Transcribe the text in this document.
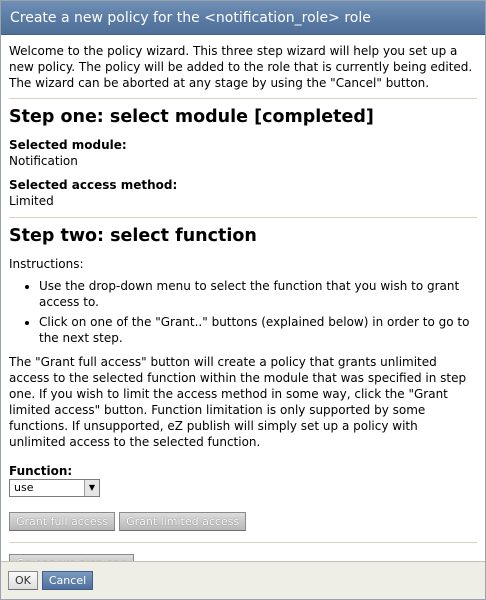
Create a new policy for the <notification_role> role

Welcome to the policy wizard. This three step wizard will help you set up a new policy. The policy will be added to the role that is currently being edited. The wizard can be aborted at any stage by using the "Cancel" button.

Step one: select module [completed]
Selected module:
Notification
Selected access method:
Limited
Step two: select function

Instructions:

• Use the drop-down menu to select the function that you wish to grant access to.
• Click on one of the "Grant.." buttons (explained below) in order to go to the next step.

The "Grant full access" button will create a policy that grants unlimited access to the selected function within the module that was specified in step one. If you wish to limit the access method in some way, click the "Grant limited access" button. Function limitation is only supported by some functions. If unsupported, eZ publish will simply set up a policy with unlimited access to the selected function.

Function:
use	▼
Grant full access	Grant limited access
OK	Cancel
